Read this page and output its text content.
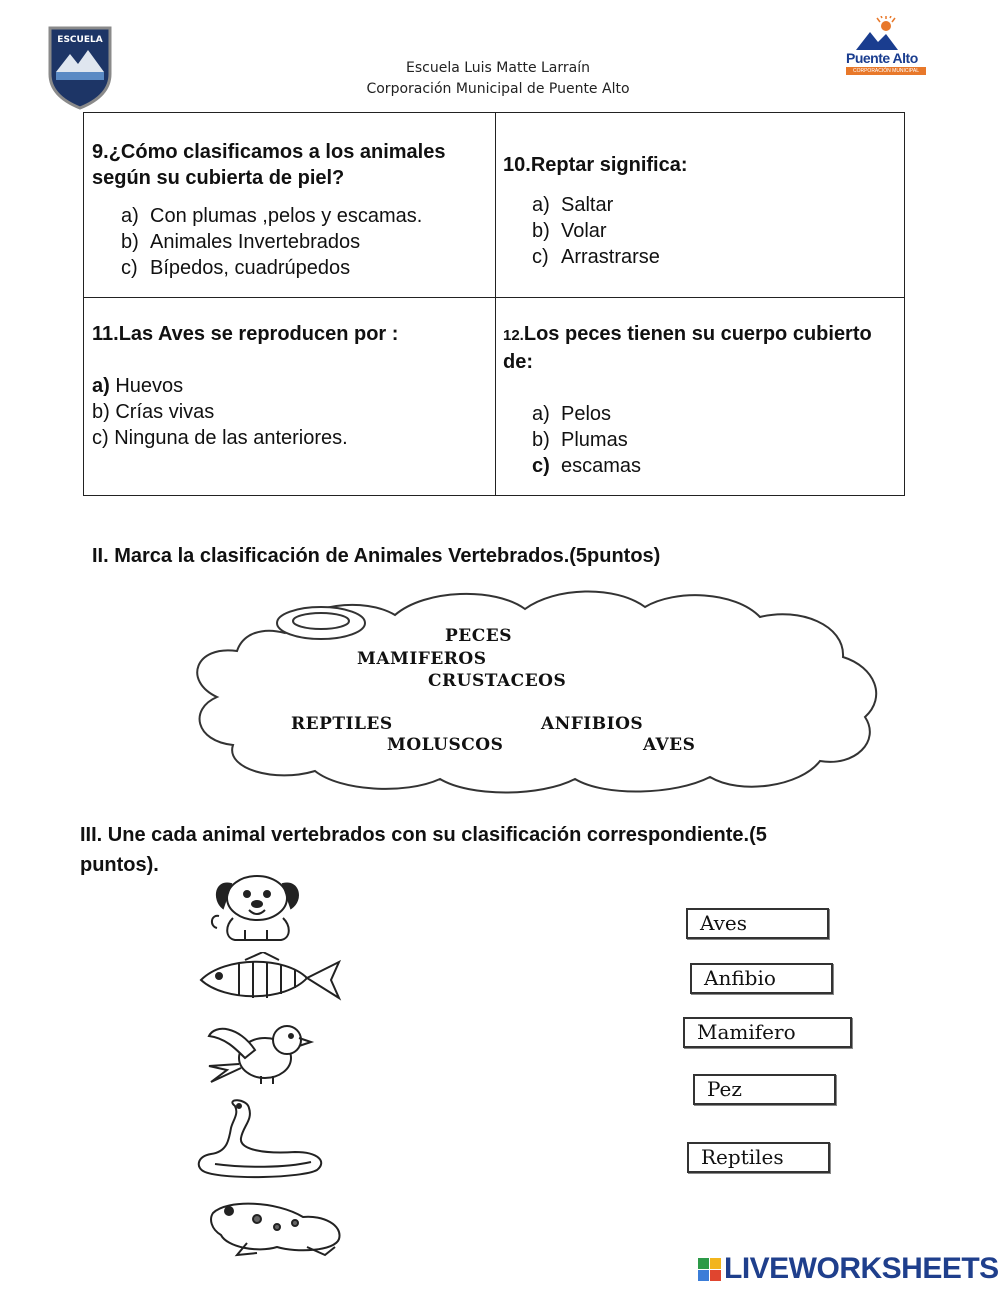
ESCUELA
Escuela Luis Matte Larraín
Corporación Municipal de Puente Alto
Puente Alto
CORPORACIÓN MUNICIPAL
9.¿Cómo clasificamos a los animales según su cubierta de piel?
a) Con plumas ,pelos y escamas.
b) Animales Invertebrados
c) Bípedos, cuadrúpedos
10.Reptar significa:
a) Saltar
b) Volar
c) Arrastrarse
11.Las Aves se reproducen por :
a) Huevos
b) Crías vivas
c) Ninguna de las anteriores.
12.Los peces tienen su cuerpo cubierto de:
a) Pelos
b) Plumas
c) escamas
II. Marca la clasificación de Animales Vertebrados.(5puntos)
PECES
MAMIFEROS
CRUSTACEOS
REPTILES	ANFIBIOS
MOLUSCOS	AVES
III. Une cada animal vertebrados con su clasificación correspondiente.(5
puntos).
Aves
Anfibio
Mamifero
Pez
Reptiles
LIVEWORKSHEETS
